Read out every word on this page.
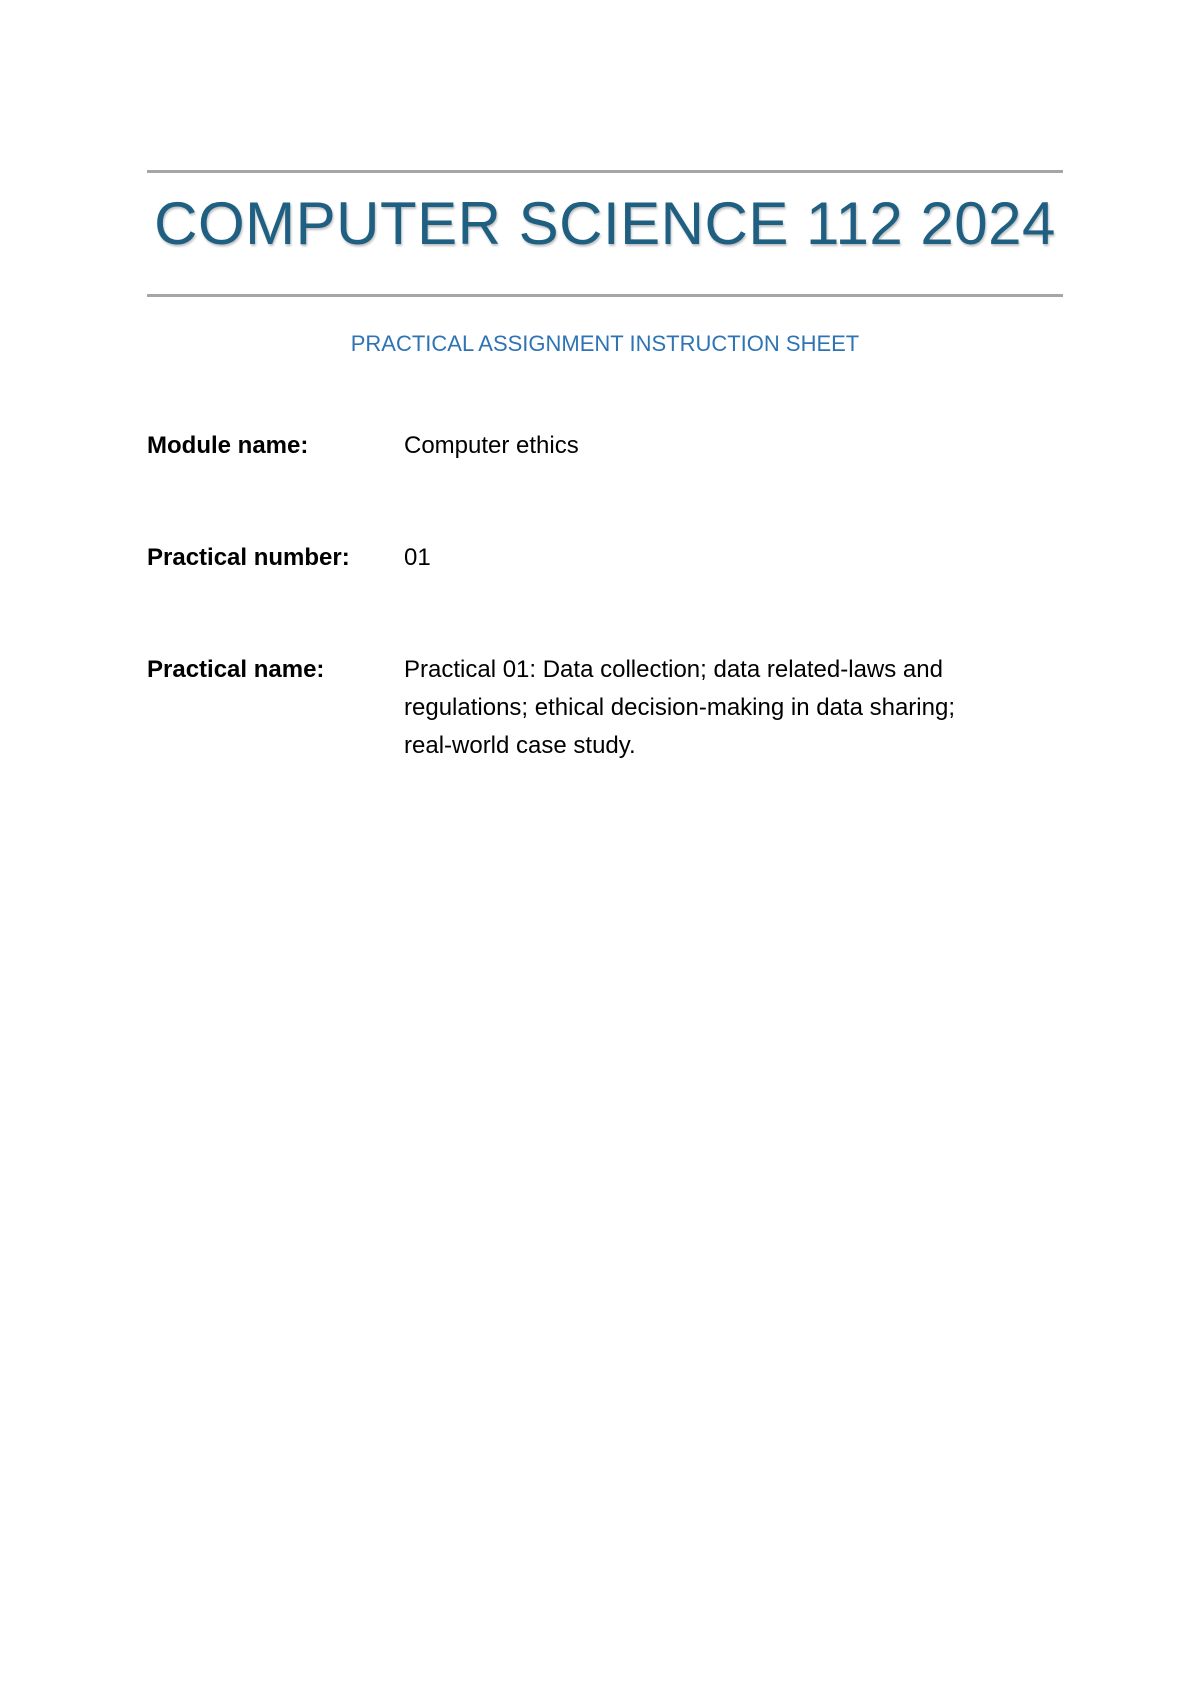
COMPUTER SCIENCE 112 2024
PRACTICAL ASSIGNMENT INSTRUCTION SHEET
Module name:	Computer ethics
Practical number: 01
Practical name:	Practical 01: Data collection; data related-laws and
regulations; ethical decision-making in data sharing;
real-world case study.
